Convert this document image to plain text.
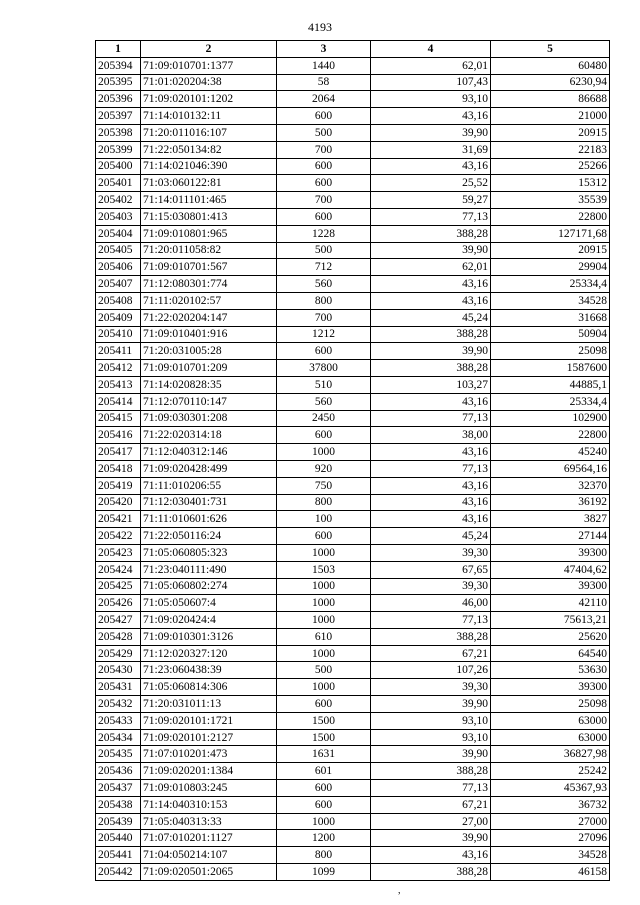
4193
1	2	3	4	5
205394	71:09:010701:1377	1440	62,01	60480
205395	71:01:020204:38	58	107,43	6230,94
205396	71:09:020101:1202	2064	93,10	86688
205397	71:14:010132:11	600	43,16	21000
205398	71:20:011016:107	500	39,90	20915
205399	71:22:050134:82	700	31,69	22183
205400	71:14:021046:390	600	43,16	25266
205401	71:03:060122:81	600	25,52	15312
205402	71:14:011101:465	700	59,27	35539
205403	71:15:030801:413	600	77,13	22800
205404	71:09:010801:965	1228	388,28	127171,68
205405	71:20:011058:82	500	39,90	20915
205406	71:09:010701:567	712	62,01	29904
205407	71:12:080301:774	560	43,16	25334,4
205408	71:11:020102:57	800	43,16	34528
205409	71:22:020204:147	700	45,24	31668
205410	71:09:010401:916	1212	388,28	50904
205411	71:20:031005:28	600	39,90	25098
205412	71:09:010701:209	37800	388,28	1587600
205413	71:14:020828:35	510	103,27	44885,1
205414	71:12:070110:147	560	43,16	25334,4
205415	71:09:030301:208	2450	77,13	102900
205416	71:22:020314:18	600	38,00	22800
205417	71:12:040312:146	1000	43,16	45240
205418	71:09:020428:499	920	77,13	69564,16
205419	71:11:010206:55	750	43,16	32370
205420	71:12:030401:731	800	43,16	36192
205421	71:11:010601:626	100	43,16	3827
205422	71:22:050116:24	600	45,24	27144
205423	71:05:060805:323	1000	39,30	39300
205424	71:23:040111:490	1503	67,65	47404,62
205425	71:05:060802:274	1000	39,30	39300
205426	71:05:050607:4	1000	46,00	42110
205427	71:09:020424:4	1000	77,13	75613,21
205428	71:09:010301:3126	610	388,28	25620
205429	71:12:020327:120	1000	67,21	64540
205430	71:23:060438:39	500	107,26	53630
205431	71:05:060814:306	1000	39,30	39300
205432	71:20:031011:13	600	39,90	25098
205433	71:09:020101:1721	1500	93,10	63000
205434	71:09:020101:2127	1500	93,10	63000
205435	71:07:010201:473	1631	39,90	36827,98
205436	71:09:020201:1384	601	388,28	25242
205437	71:09:010803:245	600	77,13	45367,93
205438	71:14:040310:153	600	67,21	36732
205439	71:05:040313:33	1000	27,00	27000
205440	71:07:010201:1127	1200	39,90	27096
205441	71:04:050214:107	800	43,16	34528
205442	71:09:020501:2065	1099	388,28	46158
,
